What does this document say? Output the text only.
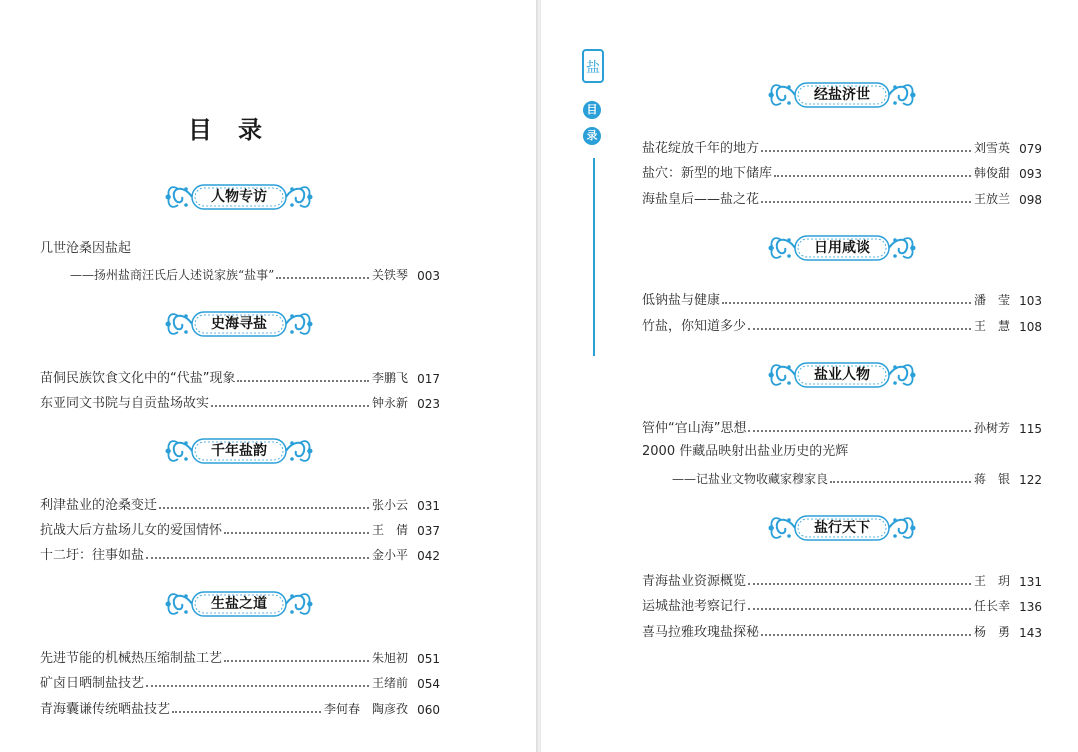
目录
人物专访
几世沧桑因盐起
——扬州盐商汪氏后人述说家族“盐事”	关铁琴 003
史海寻盐
苗侗民族饮食文化中的“代盐”现象	李鹏飞 017
东亚同文书院与自贡盐场故实	钟永新 023
千年盐韵
利津盐业的沧桑变迁	张小云 031
抗战大后方盐场儿女的爱国情怀	王　倩 037
十二圩：往事如盐	金小平 042
生盐之道
先进节能的机械热压缩制盐工艺	朱旭初 051
矿卤日晒制盐技艺	王绪前 054
青海囊谦传统晒盐技艺	李何春　陶彦孜 060
盐
目
录
经盐济世
盐花绽放千年的地方	刘雪英 079
盐穴：新型的地下储库	韩俊甜 093
海盐皇后——盐之花	王放兰 098
日用咸谈
低钠盐与健康	潘　莹 103
竹盐，你知道多少	王　慧 108
盐业人物
管仲“官山海”思想	孙树芳 115
2000 件藏品映射出盐业历史的光辉
——记盐业文物收藏家穆家良	蒋　银 122
盐行天下
青海盐业资源概览	王　玥 131
运城盐池考察记行	任长幸 136
喜马拉雅玫瑰盐探秘	杨　勇 143
